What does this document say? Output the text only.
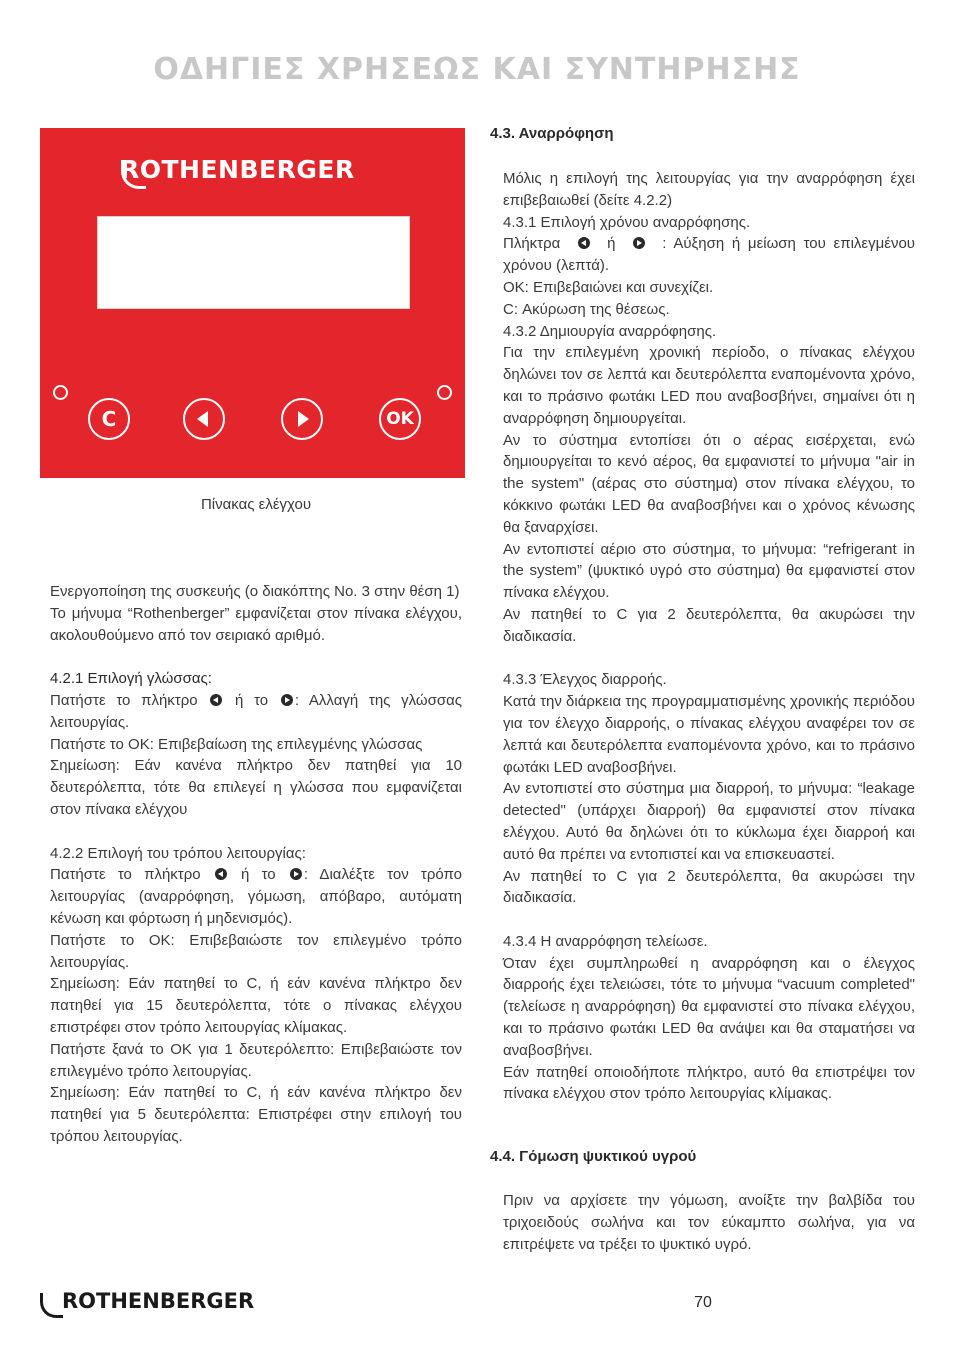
ΟΔΗΓΙΕΣ ΧΡΗΣΕΩΣ ΚΑΙ ΣΥΝΤΗΡΗΣΗΣ
ROTHENBERGER
C	OK
Πίνακας ελέγχου

Ενεργοποίηση της συσκευής (ο διακόπτης No. 3 στην θέση 1)

Το μήνυμα “Rothenberger” εμφανίζεται στον πίνακα ελέγχου, ακολουθούμενο από τον σειριακό αριθμό.

4.2.1 Επιλογή γλώσσας:

Πατήστε το πλήκτρο ή το : Αλλαγή της γλώσσας λειτουργίας.

Πατήστε το ΟΚ: Επιβεβαίωση της επιλεγμένης γλώσσας

Σημείωση: Εάν κανένα πλήκτρο δεν πατηθεί για 10 δευτερόλεπτα, τότε θα επιλεγεί η γλώσσα που εμφανίζεται στον πίνακα ελέγχου

4.2.2 Επιλογή του τρόπου λειτουργίας:

Πατήστε το πλήκτρο	ή το : Διαλέξτε τον τρόπο λειτουργίας (αναρρόφηση, γόμωση, απόβαρο, αυτόματη κένωση και φόρτωση ή μηδενισμός).

Πατήστε το ΟΚ: Επιβεβαιώστε τον επιλεγμένο τρόπο λειτουργίας.

Σημείωση: Εάν πατηθεί το C, ή εάν κανένα πλήκτρο δεν πατηθεί για 15 δευτερόλεπτα, τότε ο πίνακας ελέγχου επιστρέφει στον τρόπο λειτουργίας κλίμακας.

Πατήστε ξανά το ΟΚ για 1 δευτερόλεπτο: Επιβεβαιώστε τον επιλεγμένο τρόπο λειτουργίας.

Σημείωση: Εάν πατηθεί το C, ή εάν κανένα πλήκτρο δεν πατηθεί για 5 δευτερόλεπτα: Επιστρέφει στην επιλογή του τρόπου λειτουργίας.

4.3. Αναρρόφηση

Μόλις η επιλογή της λειτουργίας για την αναρρόφηση έχει επιβεβαιωθεί (δείτε 4.2.2)

4.3.1 Επιλογή χρόνου αναρρόφησης.

Πλήκτρα	ή	: Αύξηση ή μείωση του επιλεγμένου χρόνου (λεπτά).

ΟΚ: Επιβεβαιώνει και συνεχίζει.

C: Ακύρωση της θέσεως.

4.3.2 Δημιουργία αναρρόφησης.

Για την επιλεγμένη χρονική περίοδο, ο πίνακας ελέγχου δηλώνει τον σε λεπτά και δευτερόλεπτα εναπομένοντα χρόνο, και το πράσινο φωτάκι LED που αναβοσβήνει, σημαίνει ότι η αναρρόφηση δημιουργείται.

Αν το σύστημα εντοπίσει ότι ο αέρας εισέρχεται, ενώ δημιουργείται το κενό αέρος, θα εμφανιστεί το μήνυμα "air in the system" (αέρας στο σύστημα) στον πίνακα ελέγχου, το κόκκινο φωτάκι LED θα αναβοσβήνει και ο χρόνος κένωσης θα ξαναρχίσει.

Αν εντοπιστεί αέριο στο σύστημα, το μήνυμα: “refrigerant in the system” (ψυκτικό υγρό στο σύστημα) θα εμφανιστεί στον πίνακα ελέγχου.

Αν πατηθεί το C για 2 δευτερόλεπτα, θα ακυρώσει την διαδικασία.

4.3.3 Έλεγχος διαρροής.

Κατά την διάρκεια της προγραμματισμένης χρονικής περιόδου για τον έλεγχο διαρροής, ο πίνακας ελέγχου αναφέρει τον σε λεπτά και δευτερόλεπτα εναπομένοντα χρόνο, και το πράσινο φωτάκι LED αναβοσβήνει.

Αν εντοπιστεί στο σύστημα μια διαρροή, το μήνυμα: “leakage detected" (υπάρχει διαρροή) θα εμφανιστεί στον πίνακα ελέγχου. Αυτό θα δηλώνει ότι το κύκλωμα έχει διαρροή και αυτό θα πρέπει να εντοπιστεί και να επισκευαστεί.

Αν πατηθεί το C για 2 δευτερόλεπτα, θα ακυρώσει την διαδικασία.

4.3.4 Η αναρρόφηση τελείωσε.

Όταν έχει συμπληρωθεί η αναρρόφηση και ο έλεγχος διαρροής έχει τελειώσει, τότε το μήνυμα “vacuum completed" (τελείωσε η αναρρόφηση) θα εμφανιστεί στο πίνακα ελέγχου, και το πράσινο φωτάκι LED θα ανάψει και θα σταματήσει να αναβοσβήνει.

Εάν πατηθεί οποιοδήποτε πλήκτρο, αυτό θα επιστρέψει τον πίνακα ελέγχου στον τρόπο λειτουργίας κλίμακας.

4.4. Γόμωση ψυκτικού υγρού

Πριν να αρχίσετε την γόμωση, ανοίξτε την βαλβίδα του τριχοειδούς σωλήνα και τον εύκαμπτο σωλήνα, για να επιτρέψετε να τρέξει το ψυκτικό υγρό.

ROTHENBERGER	70
